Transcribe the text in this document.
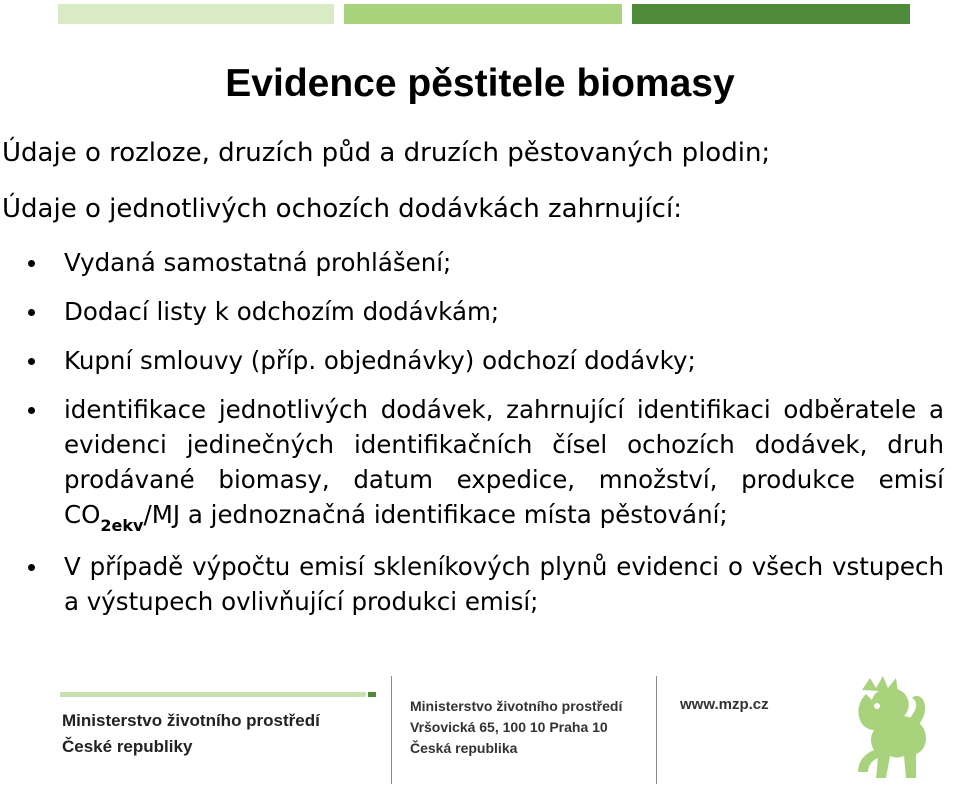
Evidence pěstitele biomasy
Údaje o rozloze, druzích půd a druzích pěstovaných plodin;
Údaje o jednotlivých ochozích dodávkách zahrnující:
Vydaná samostatná prohlášení;
Dodací listy k odchozím dodávkám;
Kupní smlouvy (příp. objednávky) odchozí dodávky;
identifikace jednotlivých dodávek, zahrnující identifikaci odběratele a evidenci jedinečných identifikačních čísel ochozích dodávek, druh prodávané biomasy, datum expedice, množství, produkce emisí $CO_{2ekv}/MJ$ a jednoznačná identifikace místa pěstování;
V případě výpočtu emisí skleníkových plynů evidenci o všech vstupech a výstupech ovlivňující produkci emisí;
Ministerstvo životního prostředí
České republiky
Ministerstvo životního prostředí
Vršovická 65, 100 10 Praha 10
Česká republika
www.mzp.cz
